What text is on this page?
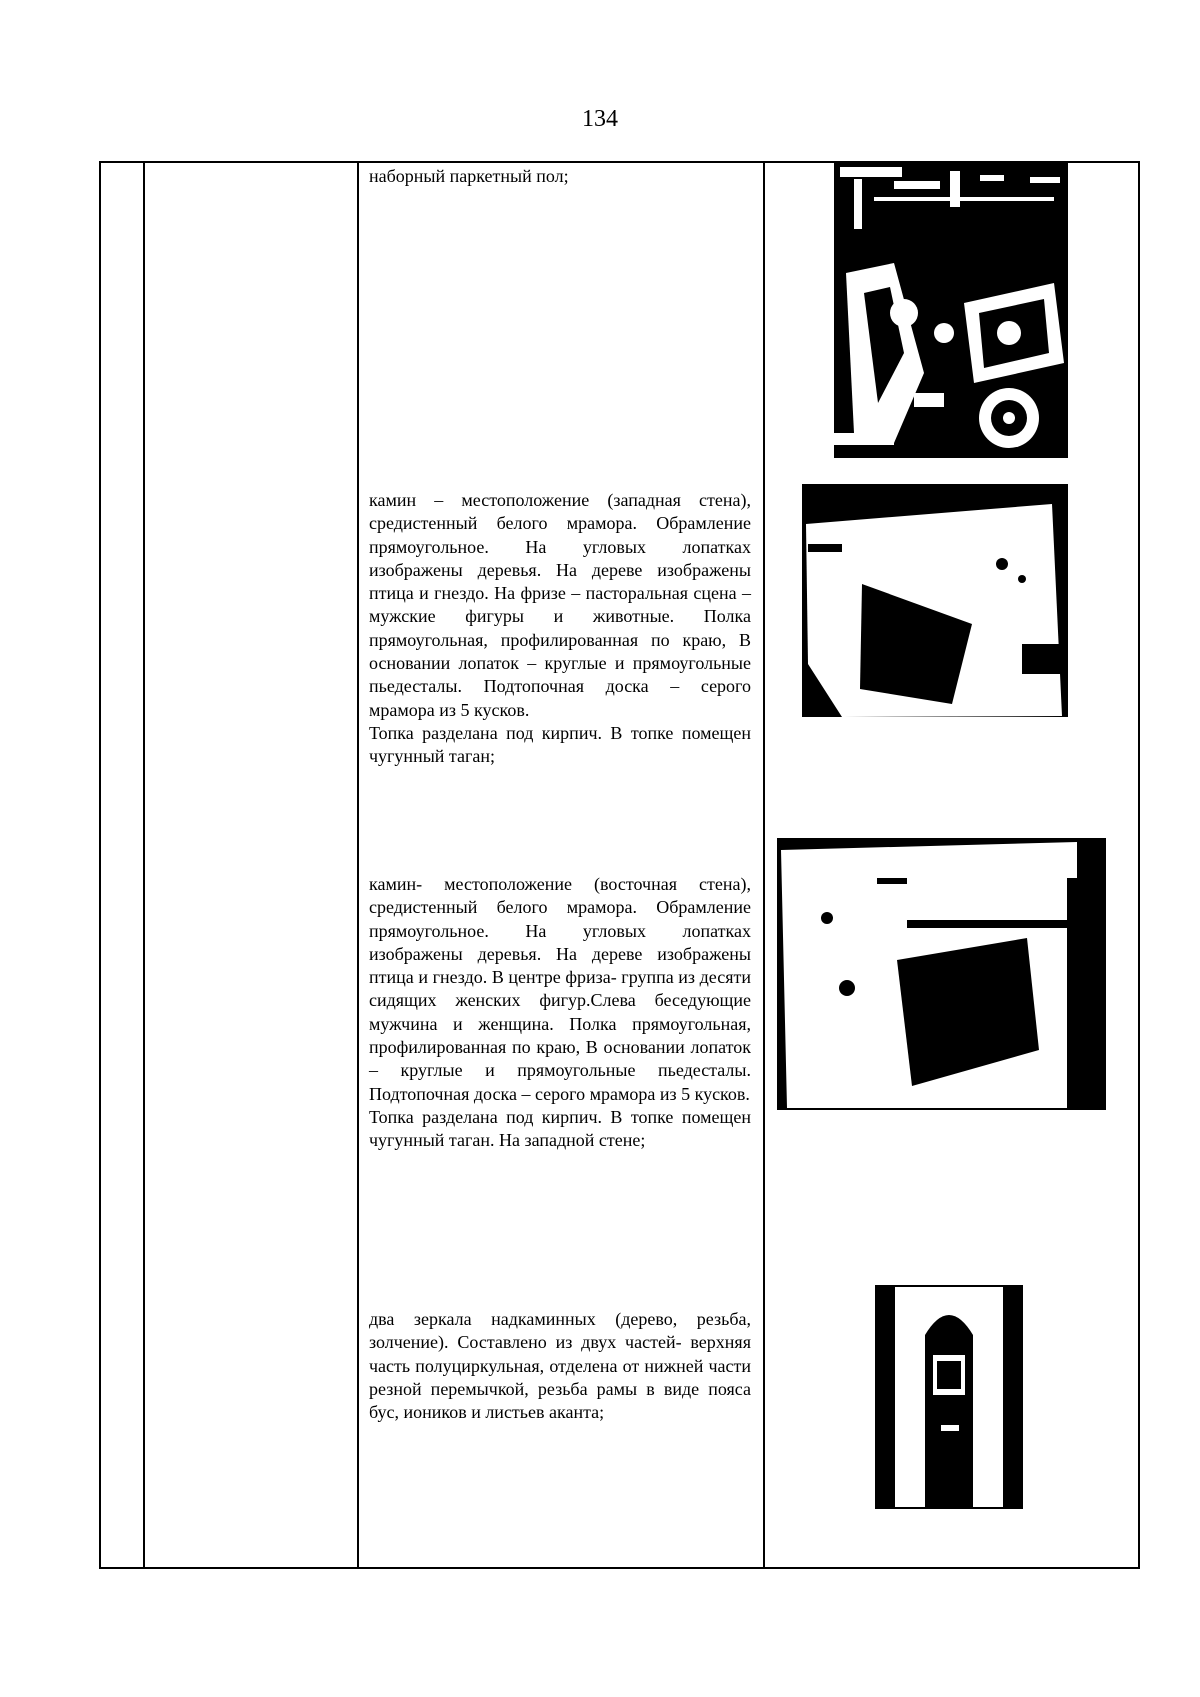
134

наборный паркетный пол;

камин – местоположение (западная стена), средистенный белого мрамора. Обрамление прямоугольное. На угловых лопатках изображены деревья. На дереве изображены птица и гнездо. На фризе – пасторальная сцена – мужские фигуры и животные. Полка прямоугольная, профилированная по краю, В основании лопаток – круглые и прямоугольные пьедесталы. Подтопочная доска – серого мрамора из 5 кусков.

Топка разделана под кирпич. В топке помещен чугунный таган;

камин- местоположение (восточная стена), средистенный белого мрамора. Обрамление прямоугольное. На угловых лопатках изображены деревья. На дереве изображены птица и гнездо. В центре фриза- группа из десяти сидящих женских фигур.Слева беседующие мужчина и женщина. Полка прямоугольная, профилированная по краю, В основании лопаток – круглые и прямоугольные пьедесталы. Подтопочная доска – серого мрамора из 5 кусков.

Топка разделана под кирпич. В топке помещен чугунный таган. На западной стене;

два зеркала надкаминных (дерево, резьба, золчение). Составлено из двух частей- верхняя часть полуциркульная, отделена от нижней части резной перемычкой, резьба рамы в виде пояса бус, иоников и листьев аканта;
